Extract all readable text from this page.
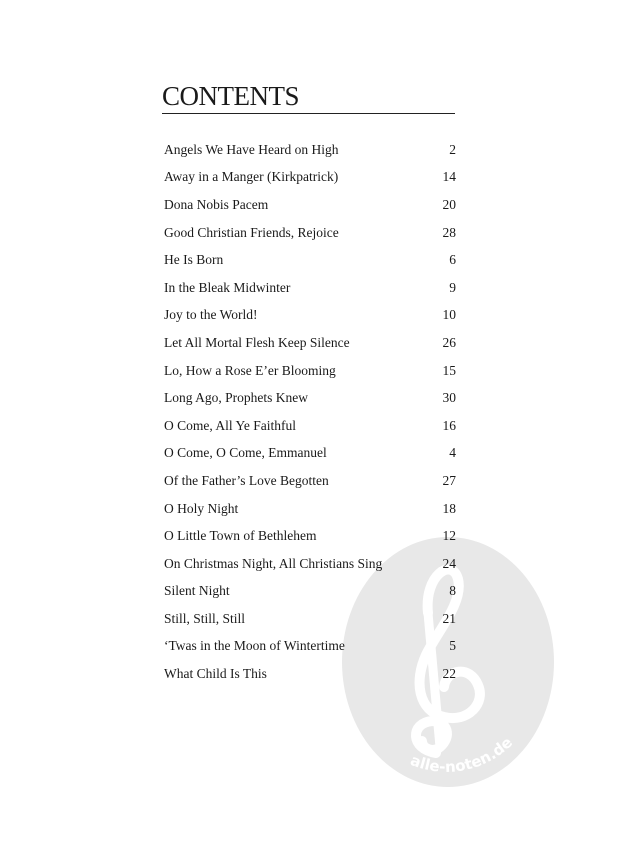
alle-noten.de
CONTENTS
Angels We Have Heard on High	2
Away in a Manger (Kirkpatrick)	14
Dona Nobis Pacem	20
Good Christian Friends, Rejoice	28
He Is Born	6
In the Bleak Midwinter	9
Joy to the World!	10
Let All Mortal Flesh Keep Silence	26
Lo, How a Rose E’er Blooming	15
Long Ago, Prophets Knew	30
O Come, All Ye Faithful	16
O Come, O Come, Emmanuel	4
Of the Father’s Love Begotten	27
O Holy Night	18
O Little Town of Bethlehem	12
On Christmas Night, All Christians Sing	24
Silent Night	8
Still, Still, Still	21
‘Twas in the Moon of Wintertime	5
What Child Is This	22
